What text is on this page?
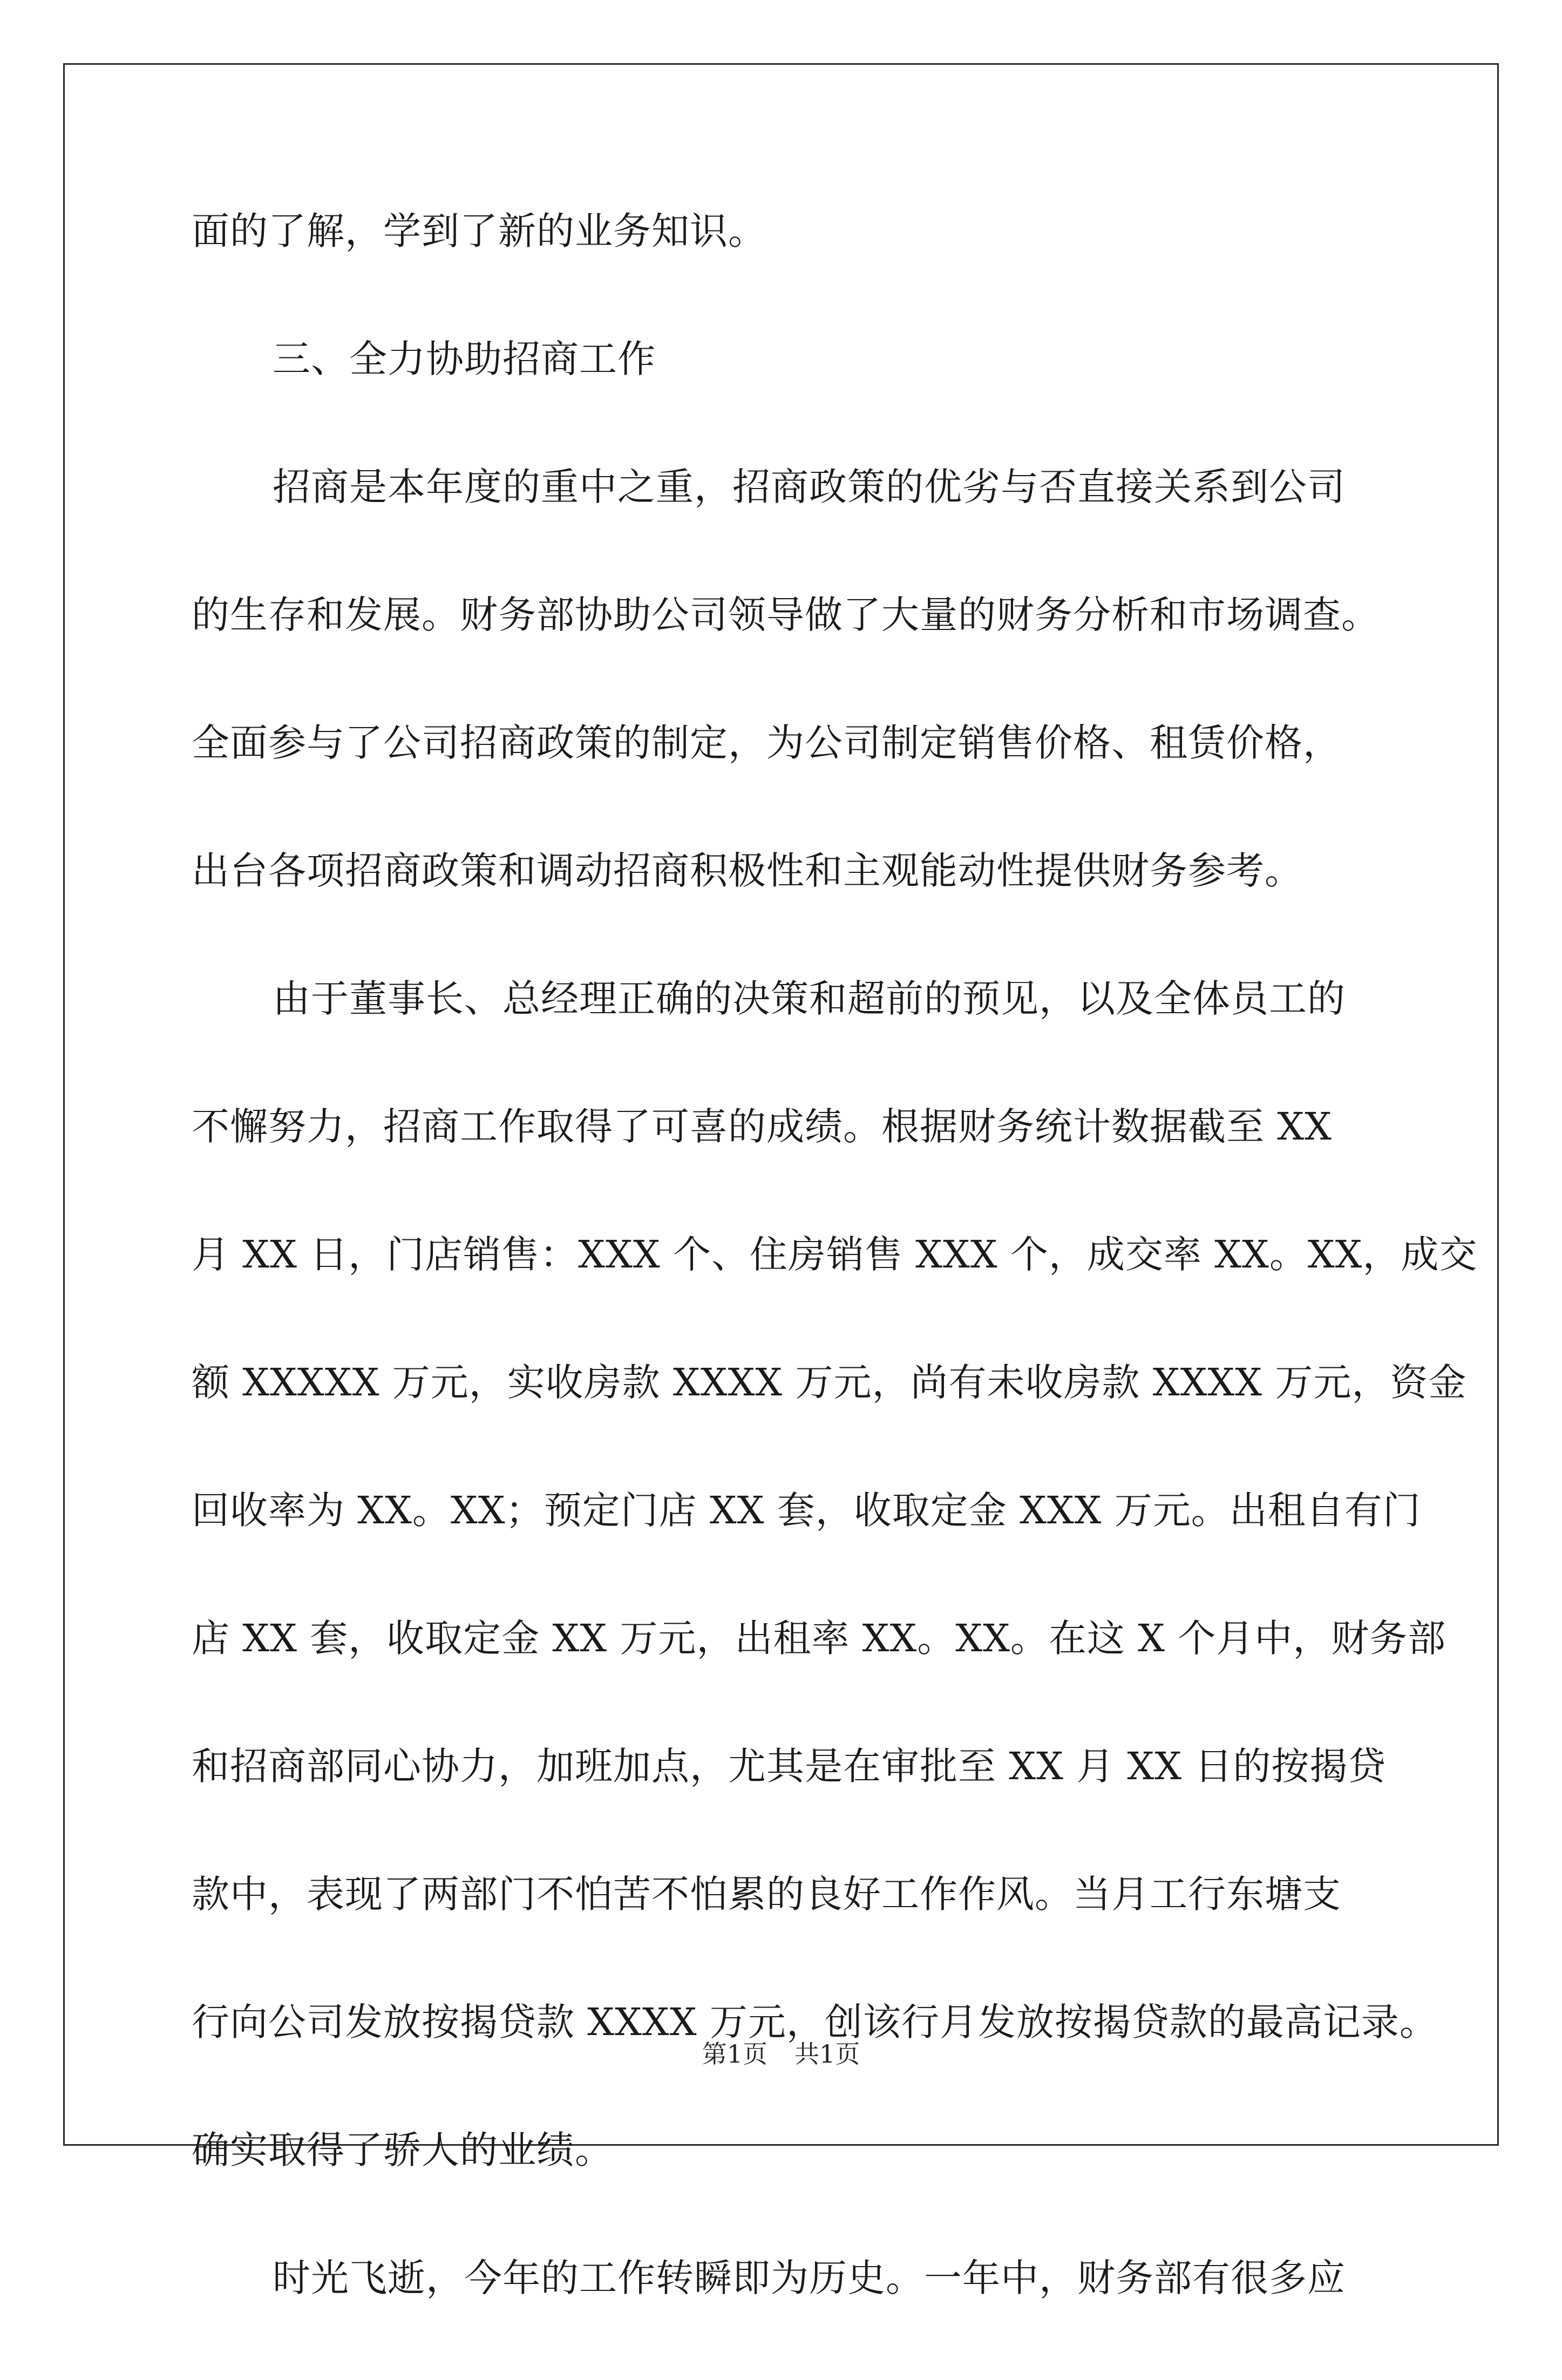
面的了解，学到了新的业务知识。
三、全力协助招商工作
招商是本年度的重中之重，招商政策的优劣与否直接关系到公司
的生存和发展。财务部协助公司领导做了大量的财务分析和市场调查。
全面参与了公司招商政策的制定，为公司制定销售价格、租赁价格，
出台各项招商政策和调动招商积极性和主观能动性提供财务参考。
由于董事长、总经理正确的决策和超前的预见，以及全体员工的
不懈努力，招商工作取得了可喜的成绩。根据财务统计数据截至 XX
月 XX 日，门店销售：XXX 个、住房销售 XXX 个，成交率 XX。XX，成交
额 XXXXX 万元，实收房款 XXXX 万元，尚有未收房款 XXXX 万元，资金
回收率为 XX。XX；预定门店 XX 套，收取定金 XXX 万元。出租自有门
店 XX 套，收取定金 XX 万元，出租率 XX。XX。在这 X 个月中，财务部
和招商部同心协力，加班加点，尤其是在审批至 XX 月 XX 日的按揭贷
款中，表现了两部门不怕苦不怕累的良好工作作风。当月工行东塘支
行向公司发放按揭贷款 XXXX 万元，创该行月发放按揭贷款的最高记录。
确实取得了骄人的业绩。
时光飞逝，今年的工作转瞬即为历史。一年中，财务部有很多应
第1页 共1页
